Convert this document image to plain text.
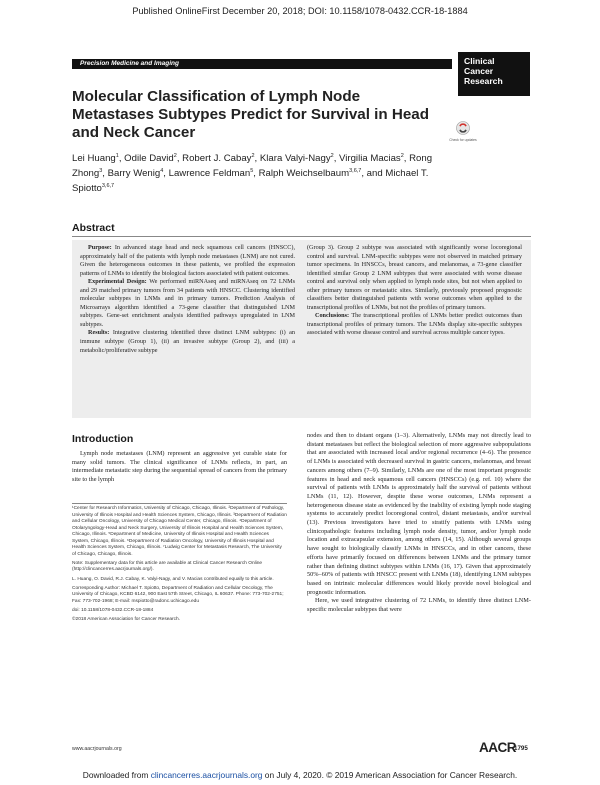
Published OnlineFirst December 20, 2018; DOI: 10.1158/1078-0432.CCR-18-1884
Precision Medicine and Imaging	Clinical
Cancer
Research
Check for updates
Molecular Classification of Lymph Node Metastases Subtypes Predict for Survival in Head and Neck Cancer
Lei Huang$^1$, Odile David$^2$, Robert J. Cabay$^2$, Klara Valyi-Nagy$^2$, Virgilia Macias$^2$, Rong Zhong$^3$, Barry Wenig$^4$, Lawrence Feldman$^5$, Ralph Weichselbaum$^{3,6,7}$, and Michael T. Spiotto$^{3,6,7}$
Abstract

Purpose: In advanced stage head and neck squamous cell cancers (HNSCC), approximately half of the patients with lymph node metastases (LNM) are not cured. Given the heterogeneous outcomes in these patients, we profiled the expression patterns of LNMs to identify the biological factors associated with patient outcomes.

Experimental Design: We performed miRNAseq and miRNAseq on 72 LNMs and 29 matched primary tumors from 34 patients with HNSCC. Clustering identified molecular subtypes in LNMs and in primary tumors. Prediction Analysis of Microarrays algorithm identified a 73-gene classifier that distinguished LNM subtypes. Gene-set enrichment analysis identified pathways upregulated in LNM subtypes.

Results: Integrative clustering identified three distinct LNM subtypes: (i) an immune subtype (Group 1), (ii) an invasive subtype (Group 2), and (iii) a metabolic/proliferative subtype

(Group 3). Group 2 subtype was associated with significantly worse locoregional control and survival. LNM-specific subtypes were not observed in matched primary tumor specimens. In HNSCCs, breast cancers, and melanomas, a 73-gene classifier identified similar Group 2 LNM subtypes that were associated with worse disease control and survival only when applied to lymph node sites, but not when applied to other primary tumors or metastatic sites. Similarly, previously proposed prognostic classifiers better distinguished patients with worse outcomes when applied to the transcriptional profiles of LNMs, but not the profiles of primary tumors.

Conclusions: The transcriptional profiles of LNMs better predict outcomes than transcriptional profiles of primary tumors. The LNMs display site-specific subtypes associated with worse disease control and survival across multiple cancer types.

Introduction

Lymph node metastases (LNM) represent an aggressive yet curable state for many solid tumors. The clinical significance of LNMs reflects, in part, an intermediate metastatic step during the sequential spread of cancers from the primary site to the lymph

¹Center for Research Informatics, University of Chicago, Chicago, Illinois. ²Department of Pathology, University of Illinois Hospital and Health Sciences System, Chicago, Illinois. ³Department of Radiation and Cellular Oncology, University of Chicago Medical Center, Chicago, Illinois. ⁴Department of Otolaryngology-Head and Neck Surgery, University of Illinois Hospital and Health Sciences System, Chicago, Illinois. ⁵Department of Medicine, University of Illinois Hospital and Health Sciences System, Chicago, Illinois. ⁶Department of Radiation Oncology, University of Illinois Hospital and Health Sciences System, Chicago, Illinois. ⁷Ludwig Center for Metastasis Research, The University of Chicago, Chicago, Illinois.
Note: Supplementary data for this article are available at Clinical Cancer Research Online (http://clincancerres.aacrjournals.org/).
L. Huang, O. David, R.J. Cabay, K. Valyi-Nagy, and V. Macias contributed equally to this article.
Corresponding Author: Michael T. Spiotto, Department of Radiation and Cellular Oncology, The University of Chicago, KCBD 6142, 900 East 57th Street, Chicago, IL 60637. Phone: 773-702-2751; Fax: 773-702-1968; E-mail: mspiotto@radonc.uchicago.edu
doi: 10.1158/1078-0432.CCR-18-1884
©2018 American Association for Cancer Research.

nodes and then to distant organs (1–3). Alternatively, LNMs may not directly lead to distant metastases but reflect the biological selection of more aggressive subpopulations that are associated with increased local and/or regional recurrence (4–6). The presence of LNMs is associated with decreased survival in gastric cancers, melanomas, and breast cancers among others (7–9). Similarly, LNMs are one of the most important prognostic features in head and neck squamous cell cancers (HNSCCs) (e.g. ref. 10) where the survival of patients with LNMs is approximately half the survival of patients without LNMs (11, 12). However, despite these worse outcomes, LNMs represent a heterogeneous disease state as evidenced by the inability of existing lymph node staging systems to accurately predict locoregional control, distant metastasis, and/or survival (13). Previous investigators have tried to stratify patients with LNMs using clinicopathologic features including lymph node density, tumor, and/or lymph node location and extracapsular extension, among others (14, 15). Although several groups have sought to biologically classify LNMs in HNSCCs, and in other cancers, these efforts have primarily focused on differences between LNMs and the primary tumor rather than defining distinct subtypes within LNMs (16, 17). Given that approximately 50%–60% of patients with HNSCC present with LNMs (18), identifying LNM subtypes based on intrinsic molecular differences would likely provide novel biological and prognostic information.

Here, we used integrative clustering of 72 LNMs, to identify three distinct LNM-specific molecular subtypes that were

www.aacrjournals.org	AACR
1795
Downloaded from clincancerres.aacrjournals.org on July 4, 2020. © 2019 American Association for Cancer Research.
